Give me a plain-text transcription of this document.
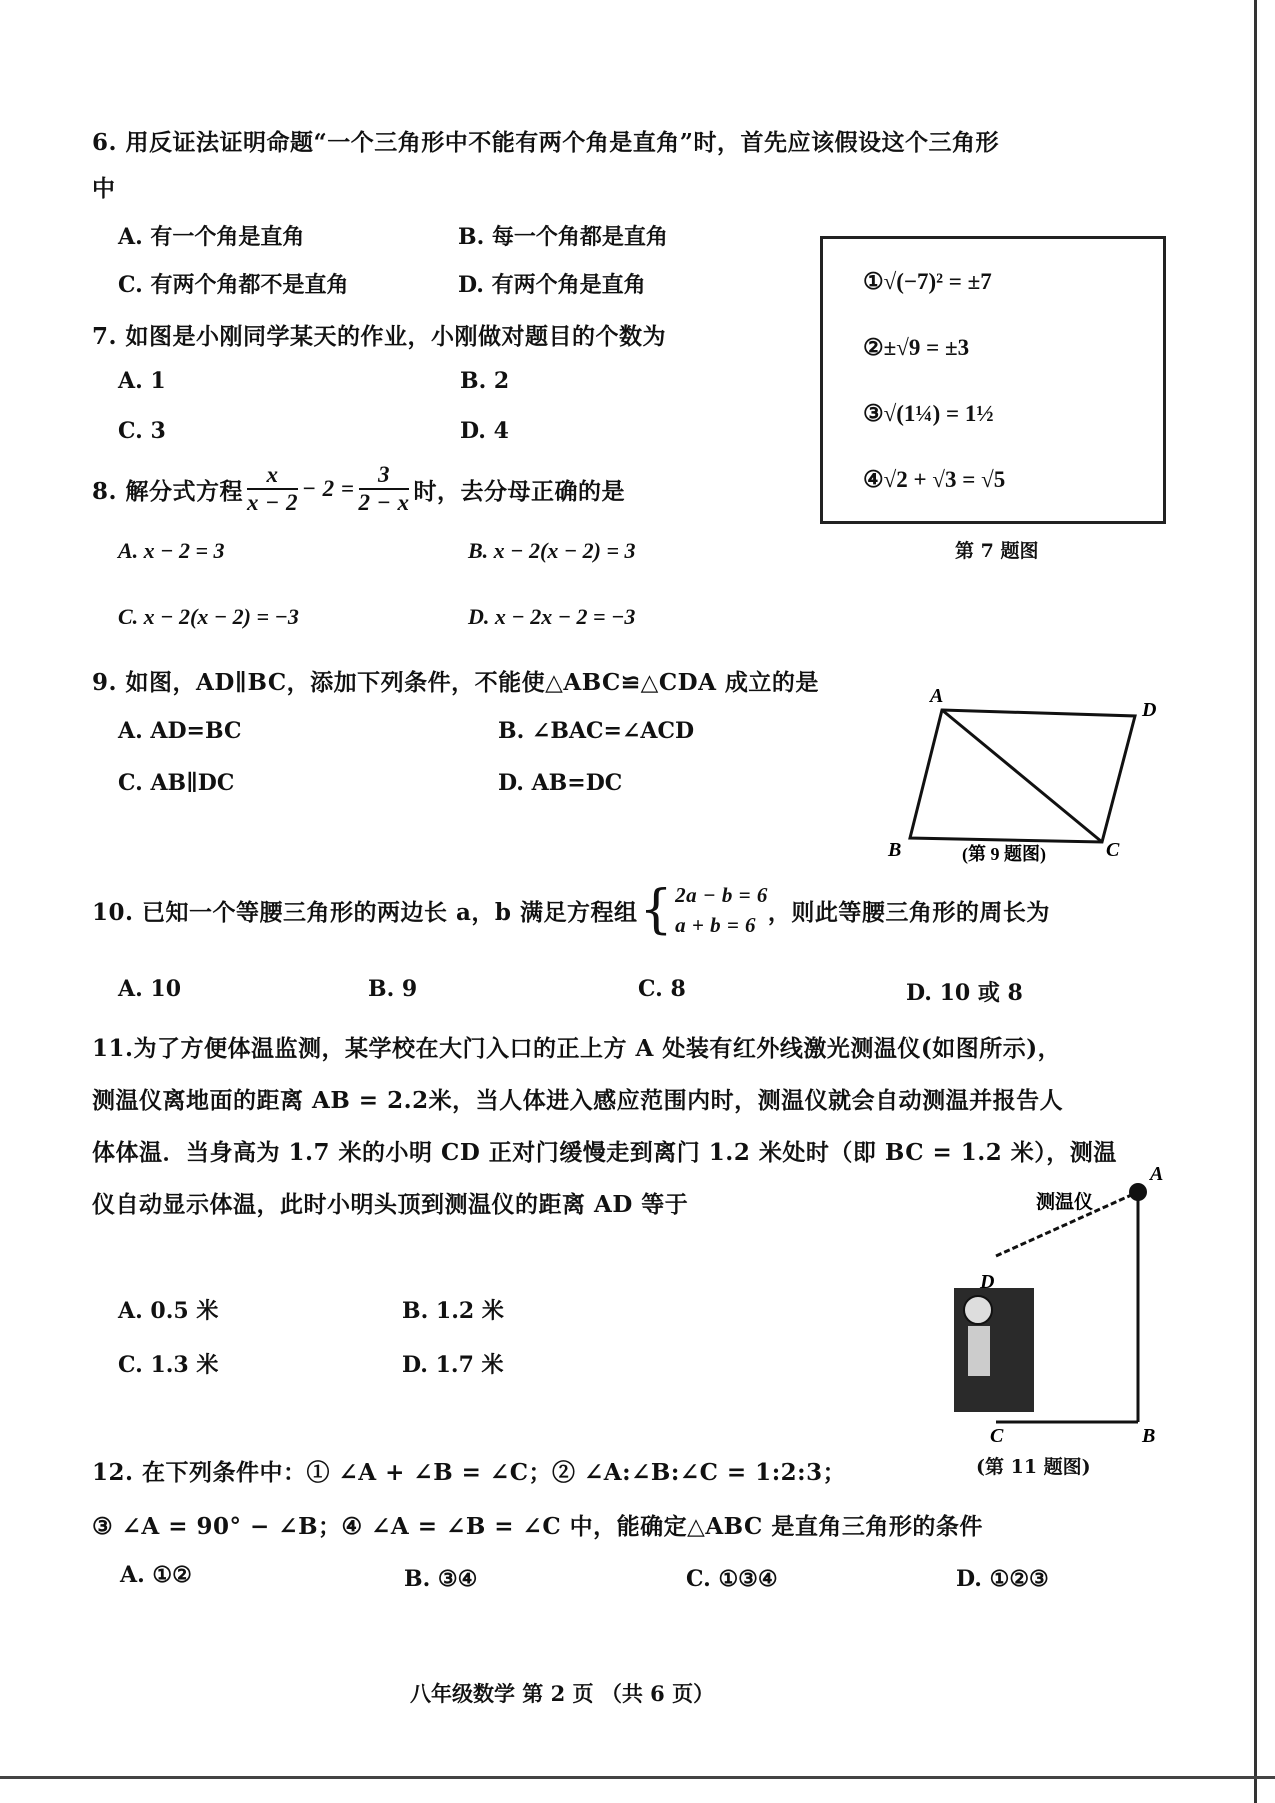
6. 用反证法证明命题“一个三角形中不能有两个角是直角”时，首先应该假设这个三角形
中
A. 有一个角是直角	B. 每一个角都是直角
C. 有两个角都不是直角	D. 有两个角是直角
7. 如图是小刚同学某天的作业，小刚做对题目的个数为
A. 1	B. 2
C. 3	D. 4
①√(−7)² = ±7
②±√9 = ±3
③√(1¼) = 1½
④√2 + √3 = √5
第 7 题图
8. 解分式方程 $\frac{x}{x - 2} - 2 = \frac{3}{2 - x}$ 时，去分母正确的是
A. x − 2 = 3	B. x − 2(x − 2) = 3
C. x − 2(x − 2) = −3	D. x − 2x − 2 = −3
9. 如图，AD∥BC，添加下列条件，不能使△ABC≌△CDA 成立的是
A. AD=BC	B. ∠BAC=∠ACD
C. AB∥DC	D. AB=DC
A
D
B	C
(第 9 题图)
10. 已知一个等腰三角形的两边长 a，b 满足方程组 { 2a − b = 6
a + b = 6 ，则此等腰三角形的周长为
A. 10	B. 9	C. 8	D. 10 或 8
11.为了方便体温监测，某学校在大门入口的正上方 A 处装有红外线激光测温仪(如图所示)，
测温仪离地面的距离 AB = 2.2米，当人体进入感应范围内时，测温仪就会自动测温并报告人
体体温．当身高为 1.7 米的小明 CD 正对门缓慢走到离门 1.2 米处时（即 BC = 1.2 米），测温
仪自动显示体温，此时小明头顶到测温仪的距离 AD 等于
A. 0.5 米	B. 1.2 米
C. 1.3 米	D. 1.7 米
测温仪
A
D
C	B
(第 11 题图)
12. 在下列条件中：① ∠A + ∠B = ∠C；② ∠A:∠B:∠C = 1:2:3；
③ ∠A = 90° − ∠B；④ ∠A = ∠B = ∠C 中，能确定△ABC 是直角三角形的条件
A. ①②	B. ③④	C. ①③④	D. ①②③
八年级数学 第 2 页 （共 6 页）
